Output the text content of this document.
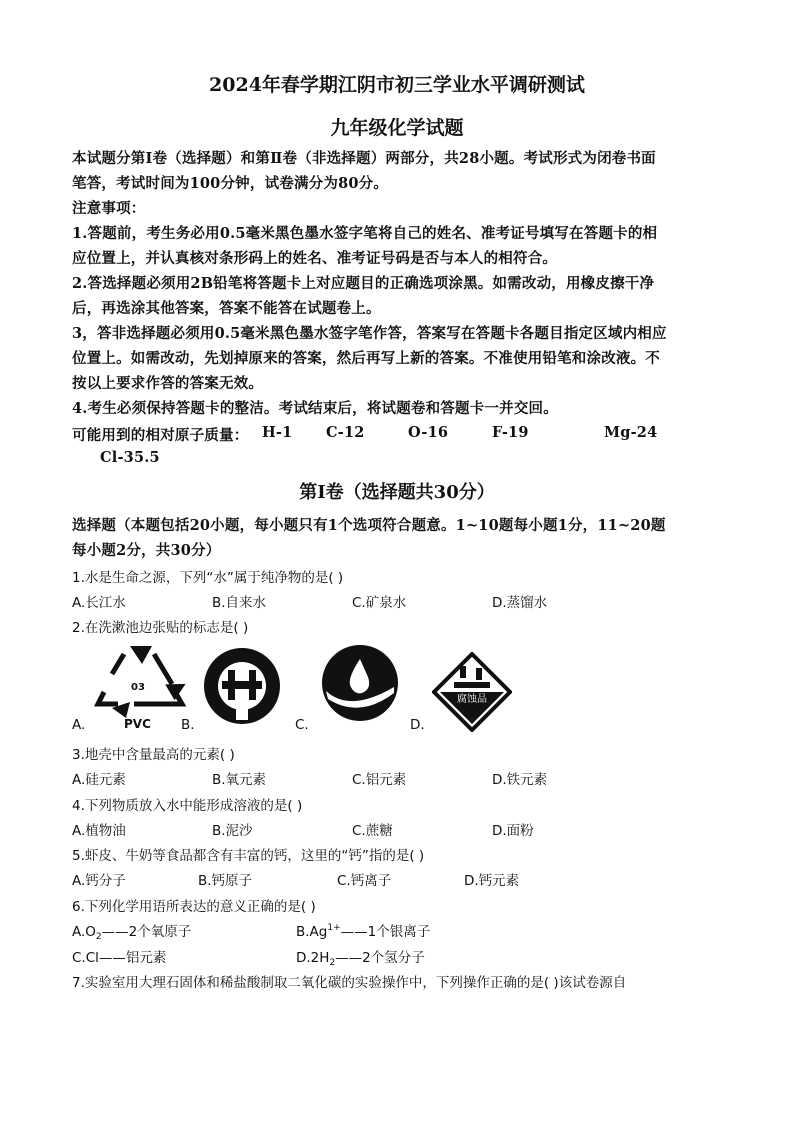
2024年春学期江阴市初三学业水平调研测试
九年级化学试题
本试题分第Ⅰ卷（选择题）和第Ⅱ卷（非选择题）两部分，共28小题。考试形式为闭卷书面
笔答，考试时间为100分钟，试卷满分为80分。
注意事项：
1.答题前，考生务必用0.5毫米黑色墨水签字笔将自己的姓名、准考证号填写在答题卡的相
应位置上，并认真核对条形码上的姓名、准考证号码是否与本人的相符合。
2.答选择题必须用2B铅笔将答题卡上对应题目的正确选项涂黑。如需改动，用橡皮擦干净
后，再选涂其他答案，答案不能答在试题卷上。
3，答非选择题必须用0.5毫米黑色墨水签字笔作答，答案写在答题卡各题目指定区域内相应
位置上。如需改动，先划掉原来的答案，然后再写上新的答案。不准使用铅笔和涂改液。不
按以上要求作答的答案无效。
4.考生必须保持答题卡的整洁。考试结束后，将试题卷和答题卡一并交回。
可能用到的相对原子质量： H-1 C-12	O-16	F-19	Mg-24
Cl-35.5
第Ⅰ卷（选择题共30分）
选择题（本题包括20小题，每小题只有1个选项符合题意。1~10题每小题1分，11~20题
每小题2分，共30分）
1.水是生命之源，下列“水”属于纯净物的是( )
A.长江水	B.自来水	C.矿泉水	D.蒸馏水
2.在洗漱池边张贴的标志是( )
03
PVC
A.	B.	C.
腐蚀品
D.
3.地壳中含量最高的元素( )
A.硅元素	B.氧元素	C.铝元素	D.铁元素
4.下列物质放入水中能形成溶液的是( )
A.植物油	B.泥沙	C.蔗糖	D.面粉
5.虾皮、牛奶等食品都含有丰富的钙，这里的“钙”指的是( )
A.钙分子	B.钙原子	C.钙离子	D.钙元素
6.下列化学用语所表达的意义正确的是( )
$A.O_2——2$个氧原子	$B.Ag^{1+}——1$个银离子
C.Cl——铝元素	$D.2H_2——2$个氢分子
7.实验室用大理石固体和稀盐酸制取二氧化碳的实验操作中，下列操作正确的是( )该试卷源自
